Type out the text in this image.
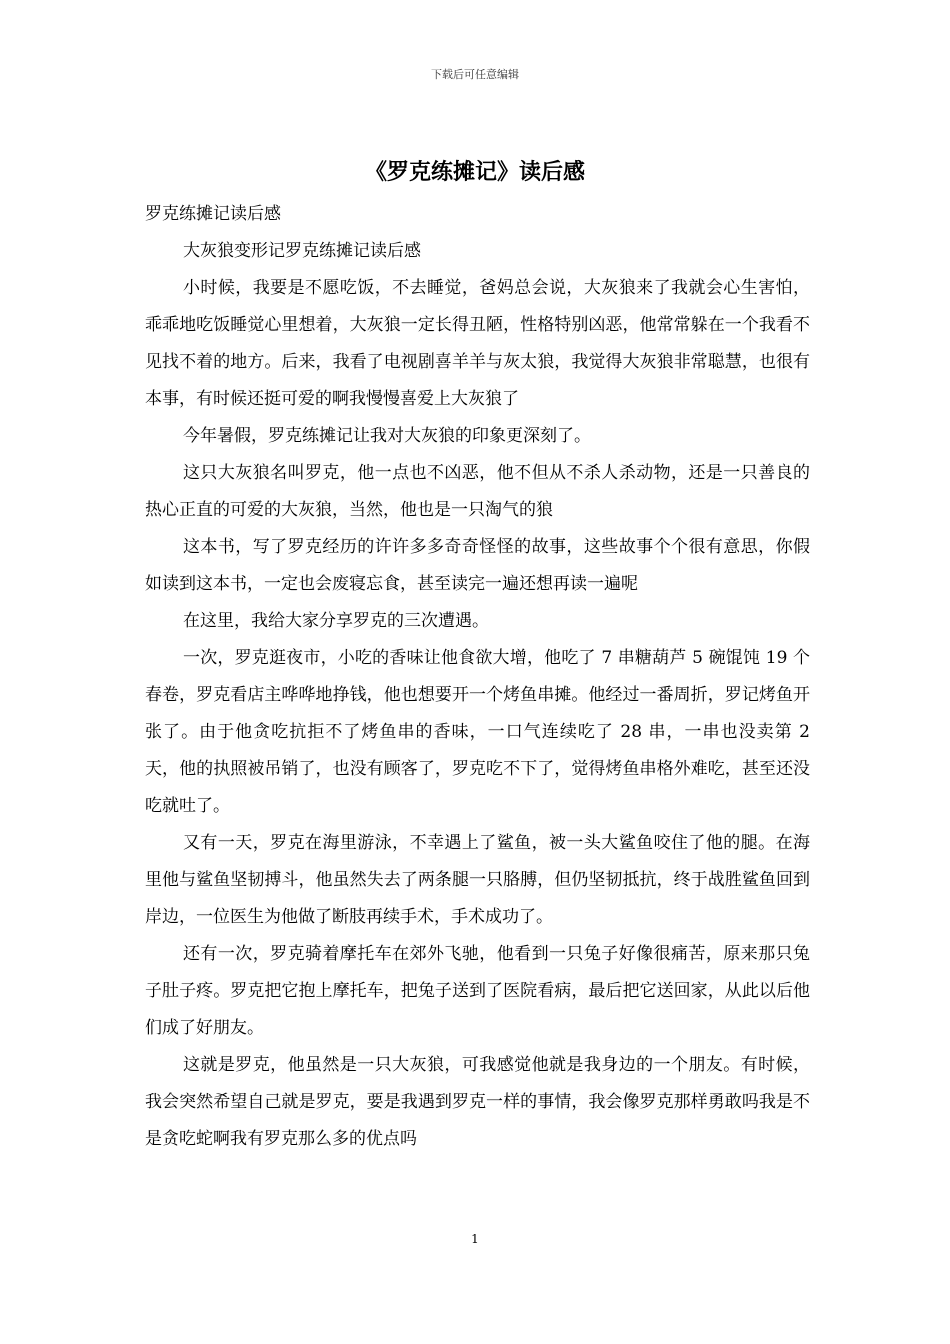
下载后可任意编辑
《罗克练摊记》读后感

罗克练摊记读后感

大灰狼变形记罗克练摊记读后感

小时候，我要是不愿吃饭，不去睡觉，爸妈总会说，大灰狼来了我就会心生害怕，乖乖地吃饭睡觉心里想着，大灰狼一定长得丑陋，性格特别凶恶，他常常躲在一个我看不见找不着的地方。后来，我看了电视剧喜羊羊与灰太狼，我觉得大灰狼非常聪慧，也很有本事，有时候还挺可爱的啊我慢慢喜爱上大灰狼了

今年暑假，罗克练摊记让我对大灰狼的印象更深刻了。

这只大灰狼名叫罗克，他一点也不凶恶，他不但从不杀人杀动物，还是一只善良的热心正直的可爱的大灰狼，当然，他也是一只淘气的狼

这本书，写了罗克经历的许许多多奇奇怪怪的故事，这些故事个个很有意思，你假如读到这本书，一定也会废寝忘食，甚至读完一遍还想再读一遍呢

在这里，我给大家分享罗克的三次遭遇。

一次，罗克逛夜市，小吃的香味让他食欲大增，他吃了 7 串糖葫芦 5 碗馄饨 19 个春卷，罗克看店主哗哗地挣钱，他也想要开一个烤鱼串摊。他经过一番周折，罗记烤鱼开张了。由于他贪吃抗拒不了烤鱼串的香味，一口气连续吃了 28 串，一串也没卖第 2 天，他的执照被吊销了，也没有顾客了，罗克吃不下了，觉得烤鱼串格外难吃，甚至还没吃就吐了。

又有一天，罗克在海里游泳，不幸遇上了鲨鱼，被一头大鲨鱼咬住了他的腿。在海里他与鲨鱼坚韧搏斗，他虽然失去了两条腿一只胳膊，但仍坚韧抵抗，终于战胜鲨鱼回到岸边，一位医生为他做了断肢再续手术，手术成功了。

还有一次，罗克骑着摩托车在郊外飞驰，他看到一只兔子好像很痛苦，原来那只兔子肚子疼。罗克把它抱上摩托车，把兔子送到了医院看病，最后把它送回家，从此以后他们成了好朋友。

这就是罗克，他虽然是一只大灰狼，可我感觉他就是我身边的一个朋友。有时候，我会突然希望自己就是罗克，要是我遇到罗克一样的事情，我会像罗克那样勇敢吗我是不是贪吃蛇啊我有罗克那么多的优点吗

1
